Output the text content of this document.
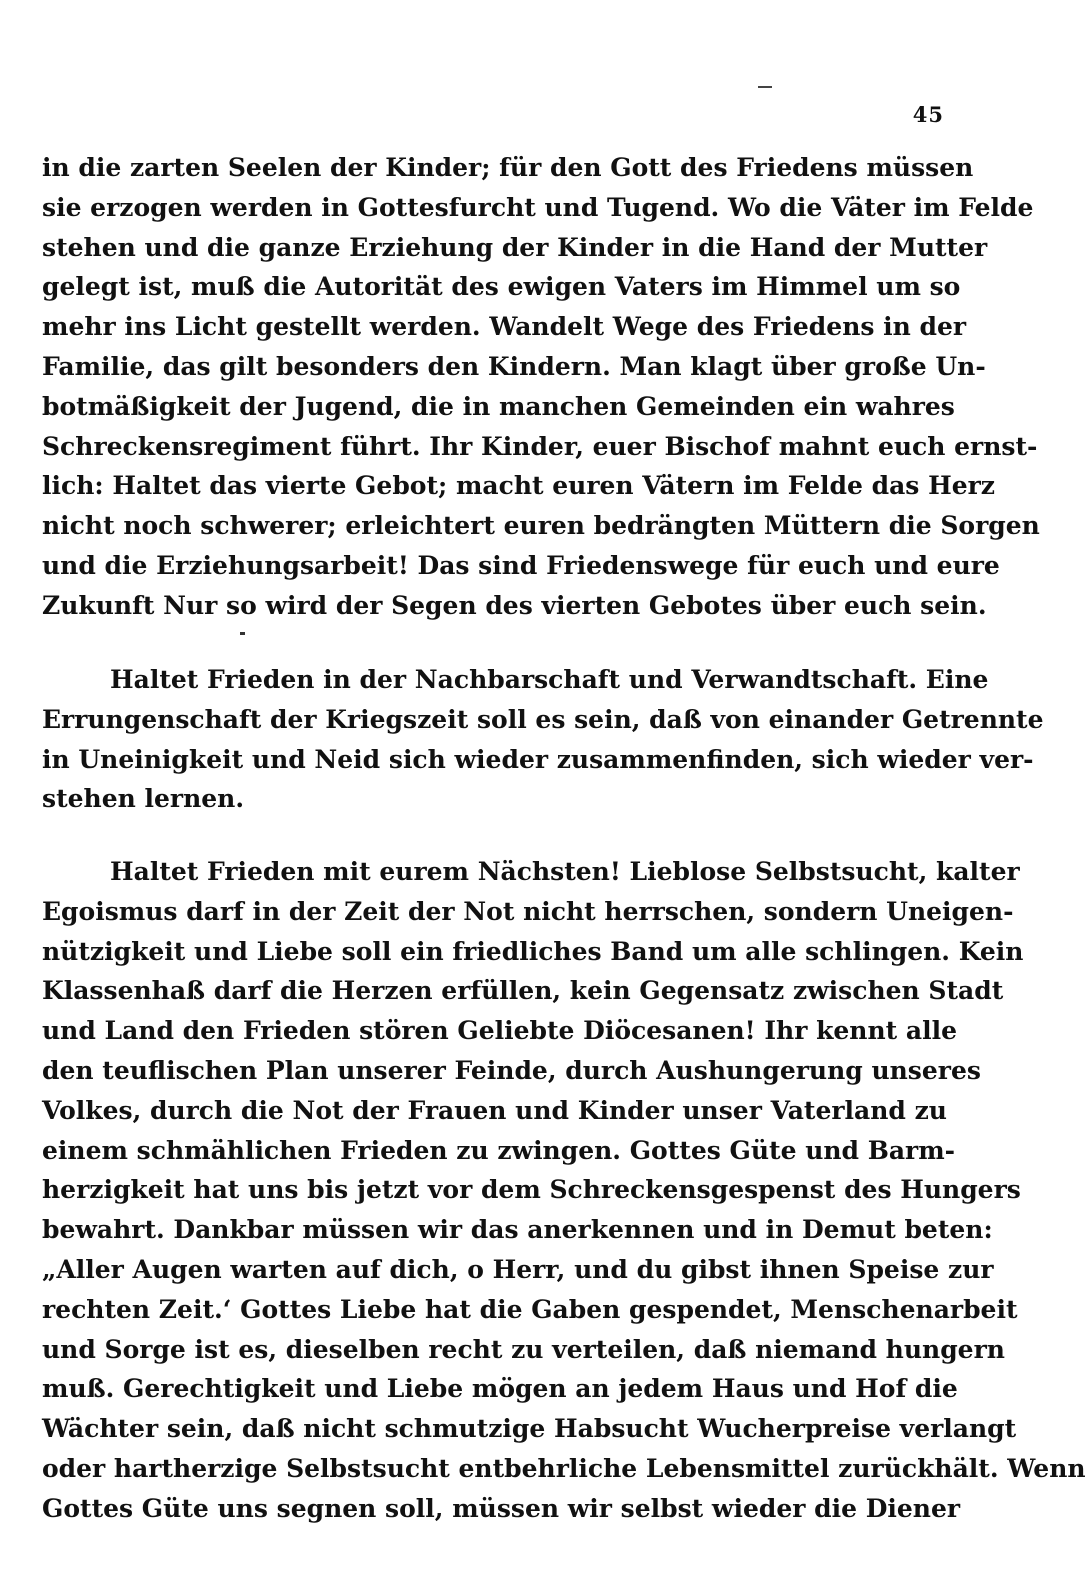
45
in die zarten Seelen der Kinder; für den Gott des Friedens müssen
sie erzogen werden in Gottesfurcht und Tugend. Wo die Väter im Felde
stehen und die ganze Erziehung der Kinder in die Hand der Mutter
gelegt ist, muß die Autorität des ewigen Vaters im Himmel um so
mehr ins Licht gestellt werden. Wandelt Wege des Friedens in der
Familie, das gilt besonders den Kindern. Man klagt über große Un-
botmäßigkeit der Jugend, die in manchen Gemeinden ein wahres
Schreckensregiment führt. Ihr Kinder, euer Bischof mahnt euch ernst-
lich: Haltet das vierte Gebot; macht euren Vätern im Felde das Herz
nicht noch schwerer; erleichtert euren bedrängten Müttern die Sorgen
und die Erziehungsarbeit! Das sind Friedenswege für euch und eure
Zukunft Nur so wird der Segen des vierten Gebotes über euch sein.
Haltet Frieden in der Nachbarschaft und Verwandtschaft. Eine
Errungenschaft der Kriegszeit soll es sein, daß von einander Getrennte
in Uneinigkeit und Neid sich wieder zusammenfinden, sich wieder ver-
stehen lernen.
Haltet Frieden mit eurem Nächsten! Lieblose Selbstsucht, kalter
Egoismus darf in der Zeit der Not nicht herrschen, sondern Uneigen-
nützigkeit und Liebe soll ein friedliches Band um alle schlingen. Kein
Klassenhaß darf die Herzen erfüllen, kein Gegensatz zwischen Stadt
und Land den Frieden stören Geliebte Diöcesanen! Ihr kennt alle
den teuflischen Plan unserer Feinde, durch Aushungerung unseres
Volkes, durch die Not der Frauen und Kinder unser Vaterland zu
einem schmählichen Frieden zu zwingen. Gottes Güte und Barm-
herzigkeit hat uns bis jetzt vor dem Schreckensgespenst des Hungers
bewahrt. Dankbar müssen wir das anerkennen und in Demut beten:
„Aller Augen warten auf dich, o Herr, und du gibst ihnen Speise zur
rechten Zeit.‘ Gottes Liebe hat die Gaben gespendet, Menschenarbeit
und Sorge ist es, dieselben recht zu verteilen, daß niemand hungern
muß. Gerechtigkeit und Liebe mögen an jedem Haus und Hof die
Wächter sein, daß nicht schmutzige Habsucht Wucherpreise verlangt
oder hartherzige Selbstsucht entbehrliche Lebensmittel zurückhält. Wenn
Gottes Güte uns segnen soll, müssen wir selbst wieder die Diener
